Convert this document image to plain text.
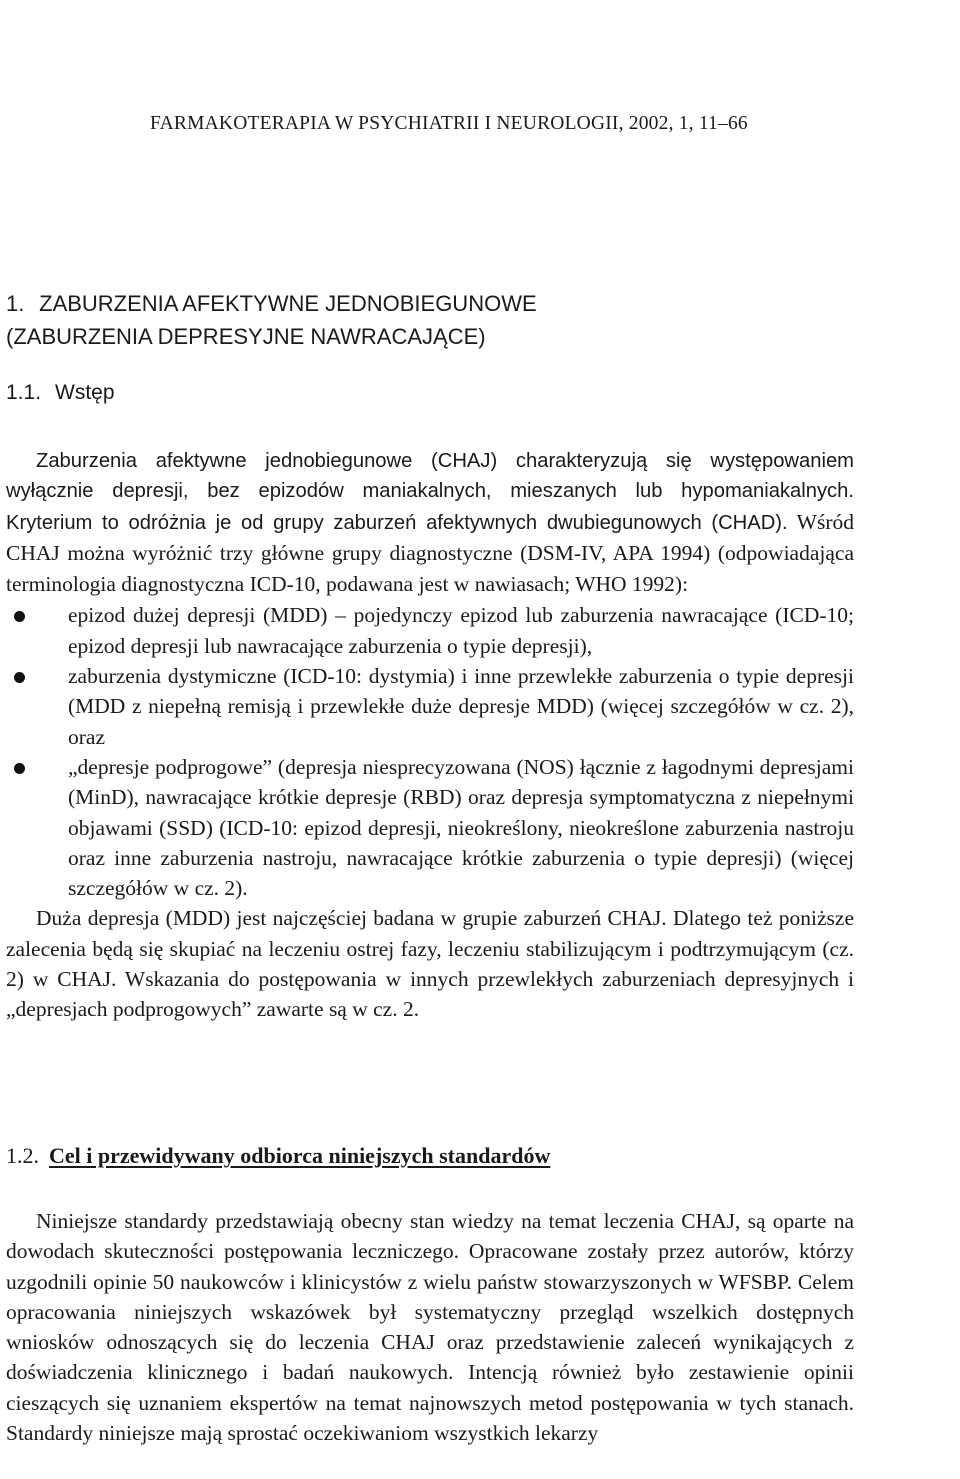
FARMAKOTERAPIA W PSYCHIATRII I NEUROLOGII, 2002, 1, 11–66
1. ZABURZENIA AFEKTYWNE JEDNOBIEGUNOWE
(ZABURZENIA DEPRESYJNE NAWRACAJĄCE)
1.1. Wstęp
Zaburzenia afektywne jednobiegunowe (CHAJ) charakteryzują się występowaniem wyłącznie depresji, bez epizodów maniakalnych, mieszanych lub hypomaniakalnych. Kryterium to odróżnia je od grupy zaburzeń afektywnych dwubiegunowych (CHAD). Wśród CHAJ można wyróżnić trzy główne grupy diagnostyczne (DSM-IV, APA 1994) (odpowiadająca terminologia diagnostyczna ICD-10, podawana jest w nawiasach; WHO 1992):
epizod dużej depresji (MDD) – pojedynczy epizod lub zaburzenia nawracające (ICD-10; epizod depresji lub nawracające zaburzenia o typie depresji),
zaburzenia dystymiczne (ICD-10: dystymia) i inne przewlekłe zaburzenia o typie depresji (MDD z niepełną remisją i przewlekłe duże depresje MDD) (więcej szczegółów w cz. 2), oraz
„depresje podprogowe” (depresja niesprecyzowana (NOS) łącznie z łagodnymi depresjami (MinD), nawracające krótkie depresje (RBD) oraz depresja symptomatyczna z niepełnymi objawami (SSD) (ICD-10: epizod depresji, nieokreślony, nieokreślone zaburzenia nastroju oraz inne zaburzenia nastroju, nawracające krótkie zaburzenia o typie depresji) (więcej szczegółów w cz. 2).
Duża depresja (MDD) jest najczęściej badana w grupie zaburzeń CHAJ. Dlatego też poniższe zalecenia będą się skupiać na leczeniu ostrej fazy, leczeniu stabilizującym i podtrzymującym (cz. 2) w CHAJ. Wskazania do postępowania w innych przewlekłych zaburzeniach depresyjnych i „depresjach podprogowych” zawarte są w cz. 2.
1.2. Cel i przewidywany odbiorca niniejszych standardów
Niniejsze standardy przedstawiają obecny stan wiedzy na temat leczenia CHAJ, są oparte na dowodach skuteczności postępowania leczniczego. Opracowane zostały przez autorów, którzy uzgodnili opinie 50 naukowców i klinicystów z wielu państw stowarzyszonych w WFSBP. Celem opracowania niniejszych wskazówek był systematyczny przegląd wszelkich dostępnych wniosków odnoszących się do leczenia CHAJ oraz przedstawienie zaleceń wynikających z doświadczenia klinicznego i badań naukowych. Intencją również było zestawienie opinii cieszących się uznaniem ekspertów na temat najnowszych metod postępowania w tych stanach. Standardy niniejsze mają sprostać oczekiwaniom wszystkich lekarzy
